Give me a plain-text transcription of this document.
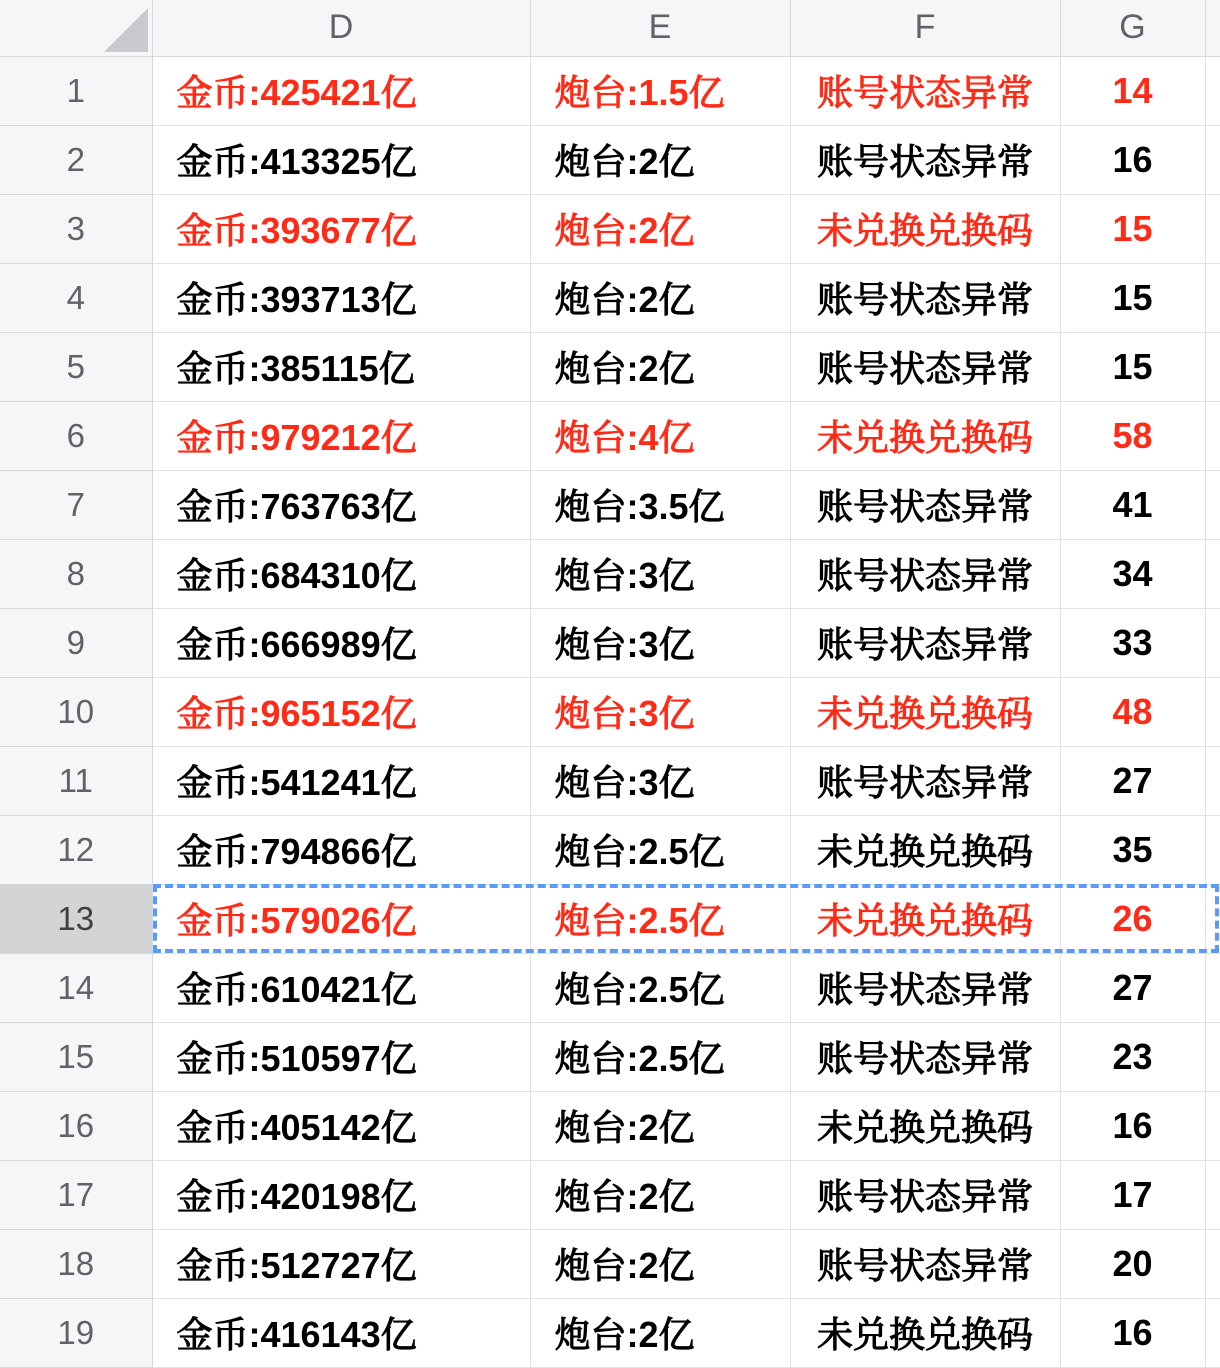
	D	E	F	G	
1	金币:425421亿	炮台:1.5亿	账号状态异常	14	
2	金币:413325亿	炮台:2亿	账号状态异常	16	
3	金币:393677亿	炮台:2亿	未兑换兑换码	15	
4	金币:393713亿	炮台:2亿	账号状态异常	15	
5	金币:385115亿	炮台:2亿	账号状态异常	15	
6	金币:979212亿	炮台:4亿	未兑换兑换码	58	
7	金币:763763亿	炮台:3.5亿	账号状态异常	41	
8	金币:684310亿	炮台:3亿	账号状态异常	34	
9	金币:666989亿	炮台:3亿	账号状态异常	33	
10	金币:965152亿	炮台:3亿	未兑换兑换码	48	
11	金币:541241亿	炮台:3亿	账号状态异常	27	
12	金币:794866亿	炮台:2.5亿	未兑换兑换码	35	
13	金币:579026亿	炮台:2.5亿	未兑换兑换码	26	
14	金币:610421亿	炮台:2.5亿	账号状态异常	27	
15	金币:510597亿	炮台:2.5亿	账号状态异常	23	
16	金币:405142亿	炮台:2亿	未兑换兑换码	16	
17	金币:420198亿	炮台:2亿	账号状态异常	17	
18	金币:512727亿	炮台:2亿	账号状态异常	20	
19	金币:416143亿	炮台:2亿	未兑换兑换码	16	
